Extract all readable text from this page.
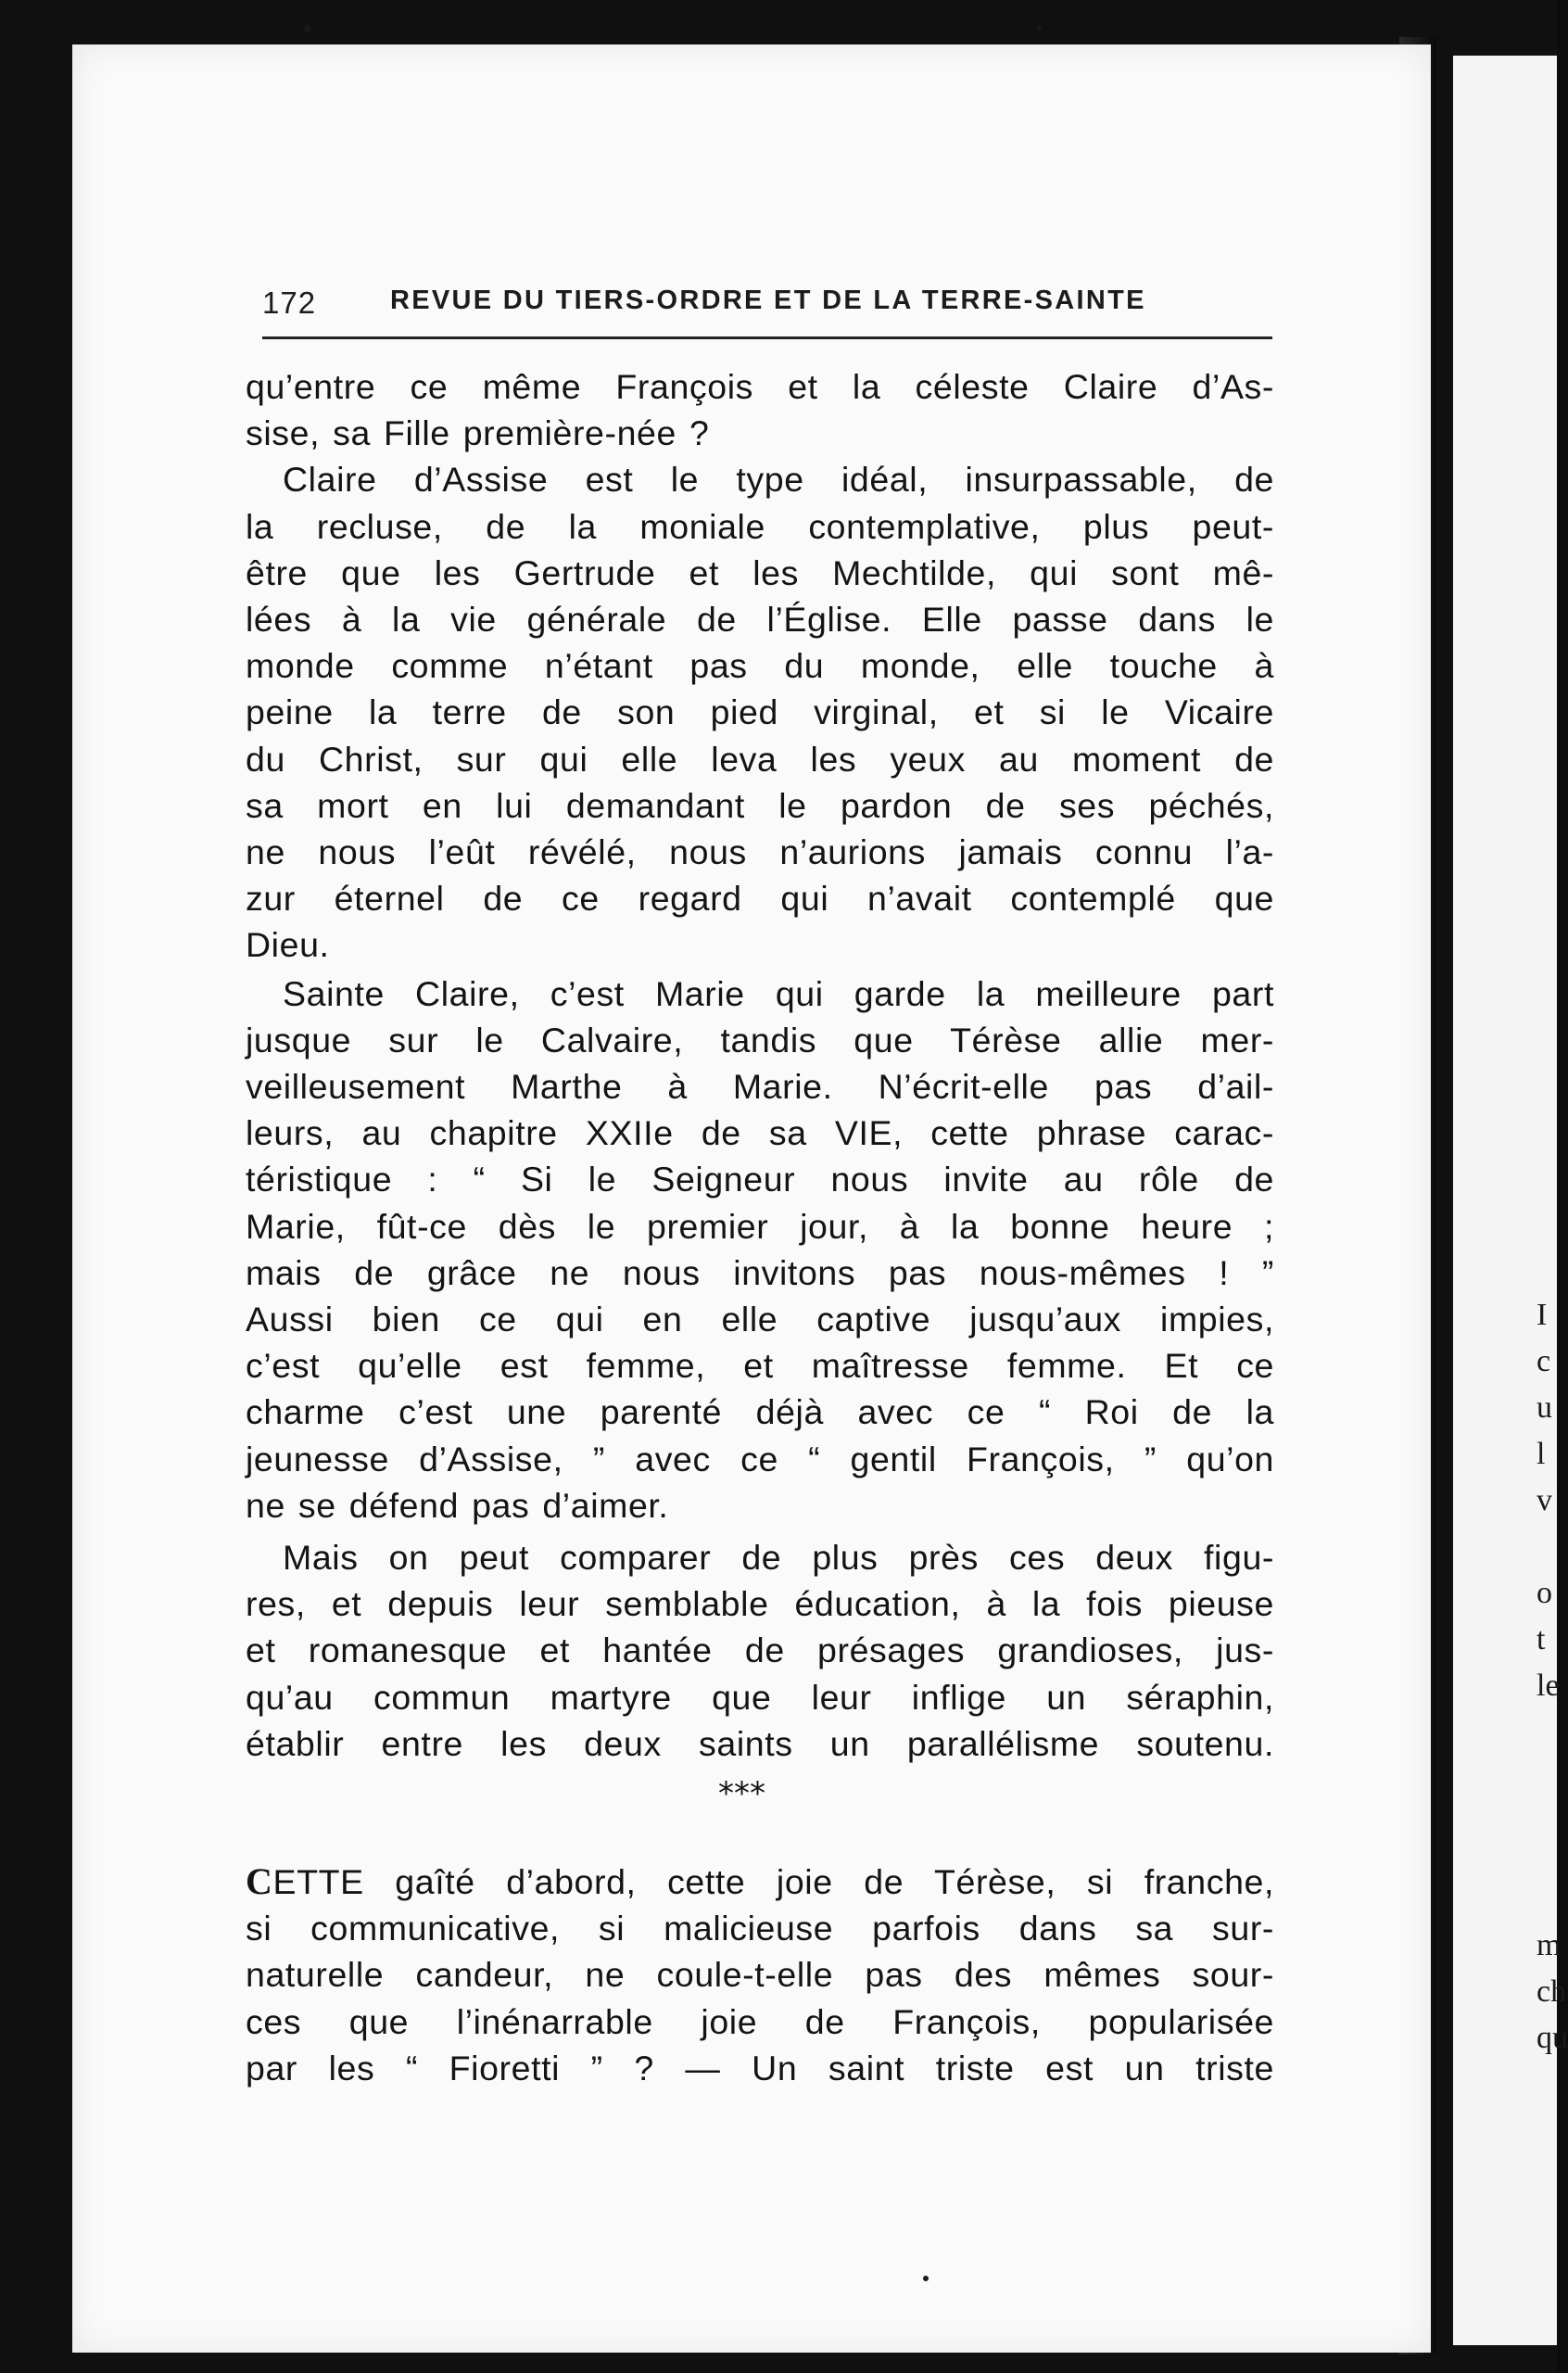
I
c
u
l
v
o
t
le
m
ch
qu
172	REVUE DU TIERS-ORDRE ET DE LA TERRE-SAINTE

qu’entre ce même François et la céleste Claire d’As-
sise, sa Fille première-née ?

Claire d’Assise est le type idéal, insurpassable, de
la recluse, de la moniale contemplative, plus peut-
être que les Gertrude et les Mechtilde, qui sont mê-
lées à la vie générale de l’Église. Elle passe dans le
monde comme n’étant pas du monde, elle touche à
peine la terre de son pied virginal, et si le Vicaire
du Christ, sur qui elle leva les yeux au moment de
sa mort en lui demandant le pardon de ses péchés,
ne nous l’eût révélé, nous n’aurions jamais connu l’a-
zur éternel de ce regard qui n’avait contemplé que
Dieu.

Sainte Claire, c’est Marie qui garde la meilleure part
jusque sur le Calvaire, tandis que Térèse allie mer-
veilleusement Marthe à Marie. N’écrit-elle pas d’ail-
leurs, au chapitre XXIIe de sa VIE, cette phrase carac-
téristique : “ Si le Seigneur nous invite au rôle de
Marie, fût-ce dès le premier jour, à la bonne heure ;
mais de grâce ne nous invitons pas nous-mêmes ! ”
Aussi bien ce qui en elle captive jusqu’aux impies,
c’est qu’elle est femme, et maîtresse femme. Et ce
charme c’est une parenté déjà avec ce “ Roi de la
jeunesse d’Assise, ” avec ce “ gentil François, ” qu’on
ne se défend pas d’aimer.

Mais on peut comparer de plus près ces deux figu-
res, et depuis leur semblable éducation, à la fois pieuse
et romanesque et hantée de présages grandioses, jus-
qu’au commun martyre que leur inflige un séraphin,
établir entre les deux saints un parallélisme soutenu.

***
CETTE gaîté d’abord, cette joie de Térèse, si franche,
si communicative, si malicieuse parfois dans sa sur-
naturelle candeur, ne coule-t-elle pas des mêmes sour-
ces que l’inénarrable joie de François, popularisée
par les “ Fioretti ” ? — Un saint triste est un triste
